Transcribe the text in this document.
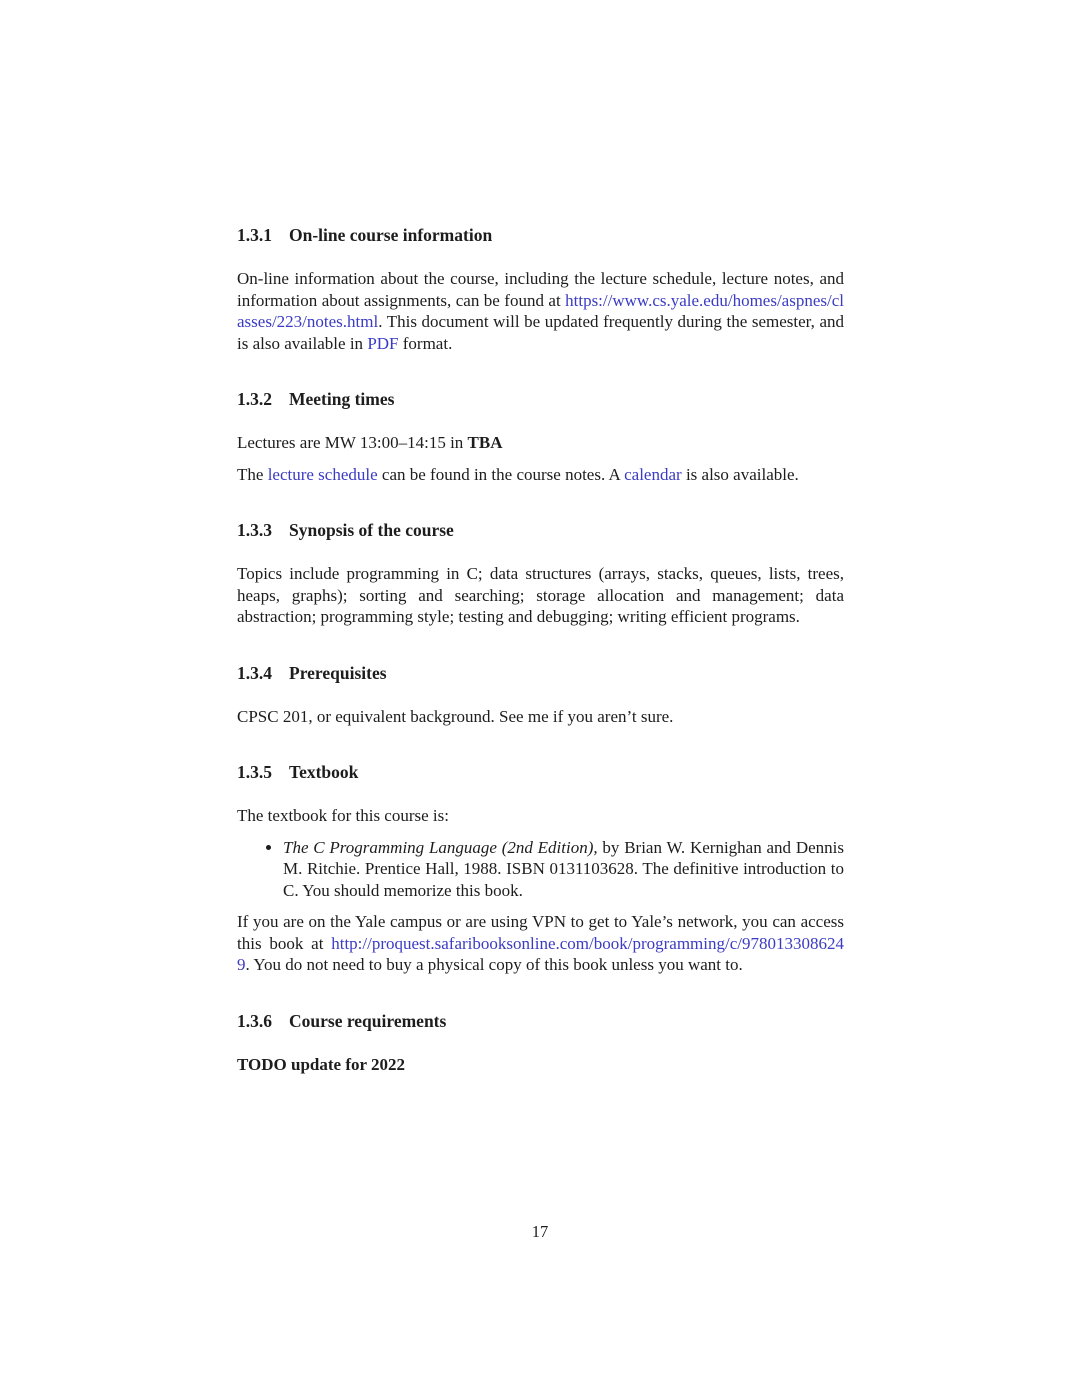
1.3.1 On-line course information

On-line information about the course, including the lecture schedule, lecture notes, and information about assignments, can be found at https://www.cs.yale.edu/homes/aspnes/classes/223/notes.html. This document will be updated frequently during the semester, and is also available in PDF format.

1.3.2 Meeting times

Lectures are MW 13:00–14:15 in TBA

The lecture schedule can be found in the course notes. A calendar is also available.

1.3.3 Synopsis of the course

Topics include programming in C; data structures (arrays, stacks, queues, lists, trees, heaps, graphs); sorting and searching; storage allocation and management; data abstraction; programming style; testing and debugging; writing efficient programs.

1.3.4 Prerequisites

CPSC 201, or equivalent background. See me if you aren’t sure.

1.3.5 Textbook

The textbook for this course is:

• The C Programming Language (2nd Edition), by Brian W. Kernighan and Dennis M. Ritchie. Prentice Hall, 1988. ISBN 0131103628. The definitive introduction to C. You should memorize this book.

If you are on the Yale campus or are using VPN to get to Yale’s network, you can access this book at http://proquest.safaribooksonline.com/book/programming/c/9780133086249. You do not need to buy a physical copy of this book unless you want to.

1.3.6 Course requirements

TODO update for 2022

17
